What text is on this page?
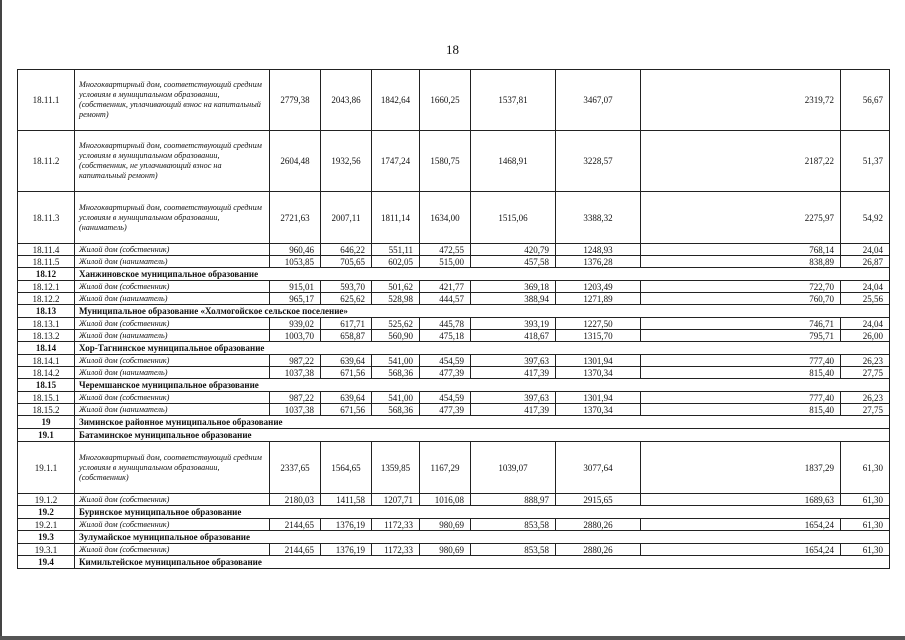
18
18.11.1	Многоквартирный дом, соответствующий средним условиям в муниципальном образовании, (собственник, уплачивающий взнос на капитальный ремонт)	2779,38	2043,86	1842,64	1660,25	1537,81	3467,07	2319,72	56,67
18.11.2	Многоквартирный дом, соответствующий средним условиям в муниципальном образовании, (собственник, не уплачивающий взнос на капитальный ремонт)	2604,48	1932,56	1747,24	1580,75	1468,91	3228,57	2187,22	51,37
18.11.3	Многоквартирный дом, соответствующий средним условиям в муниципальном образовании, (наниматель)	2721,63	2007,11	1811,14	1634,00	1515,06	3388,32	2275,97	54,92
18.11.4	Жилой дом (собственник)	960,46	646,22	551,11	472,55	420,79	1248,93	768,14	24,04
18.11.5	Жилой дом (наниматель)	1053,85	705,65	602,05	515,00	457,58	1376,28	838,89	26,87
18.12	Ханжиновское муниципальное образование								
18.12.1	Жилой дом (собственник)	915,01	593,70	501,62	421,77	369,18	1203,49	722,70	24,04
18.12.2	Жилой дом (наниматель)	965,17	625,62	528,98	444,57	388,94	1271,89	760,70	25,56
18.13	Муниципальное образование «Холмогойское сельское поселение»								
18.13.1	Жилой дом (собственник)	939,02	617,71	525,62	445,78	393,19	1227,50	746,71	24,04
18.13.2	Жилой дом (наниматель)	1003,70	658,87	560,90	475,18	418,67	1315,70	795,71	26,00
18.14	Хор-Тагнинское муниципальное образование								
18.14.1	Жилой дом (собственник)	987,22	639,64	541,00	454,59	397,63	1301,94	777,40	26,23
18.14.2	Жилой дом (наниматель)	1037,38	671,56	568,36	477,39	417,39	1370,34	815,40	27,75
18.15	Черемшанское муниципальное образование								
18.15.1	Жилой дом (собственник)	987,22	639,64	541,00	454,59	397,63	1301,94	777,40	26,23
18.15.2	Жилой дом (наниматель)	1037,38	671,56	568,36	477,39	417,39	1370,34	815,40	27,75
19	Зиминское районное муниципальное образование								
19.1	Батаминское муниципальное образование								
19.1.1	Многоквартирный дом, соответствующий средним условиям в муниципальном образовании, (собственник)	2337,65	1564,65	1359,85	1167,29	1039,07	3077,64	1837,29	61,30
19.1.2	Жилой дом (собственник)	2180,03	1411,58	1207,71	1016,08	888,97	2915,65	1689,63	61,30
19.2	Буринское муниципальное образование								
19.2.1	Жилой дом (собственник)	2144,65	1376,19	1172,33	980,69	853,58	2880,26	1654,24	61,30
19.3	Зулумайское муниципальное образование								
19.3.1	Жилой дом (собственник)	2144,65	1376,19	1172,33	980,69	853,58	2880,26	1654,24	61,30
19.4	Кимильтейское муниципальное образование								
